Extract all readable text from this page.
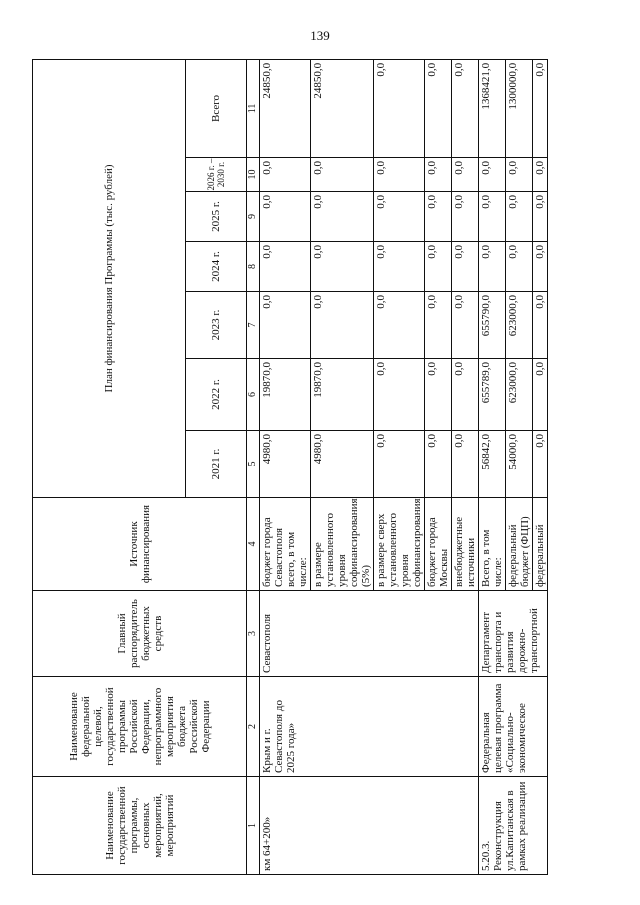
139
Наименование государственной программы, основных мероприятий, мероприятий	Наименование федеральной целевой, государственной программы Российской Федерации, непрограммного мероприятия бюджета Российской Федерации	Главный распорядитель бюджетных средств	Источник финансирования	План финансирования Программы (тыс. рублей)						
				2021 г.	2022 г.	2023 г.	2024 г.	2025 г.	2026 г. – 2030 г.	Всего
1	2	3	4	5	6	7	8	9	10	11
км 64+200»	Крым и г. Севастополя до 2025 года»	Севастополя	бюджет города Севастополя всего, в том числе:	4980,0	19870,0	0,0	0,0	0,0	0,0	24850,0
			в размере установленного уровня софинансирования (5%)	4980,0	19870,0	0,0	0,0	0,0	0,0	24850,0
			в размере сверх установленного уровня софинансирования	0,0	0,0	0,0	0,0	0,0	0,0	0,0
			бюджет города Москвы	0,0	0,0	0,0	0,0	0,0	0,0	0,0
			внебюджетные источники	0,0	0,0	0,0	0,0	0,0	0,0	0,0
5.20.3. Реконструкция ул.Капитанская в рамках реализации	Федеральная целевая программа «Социально-экономическое	Департамент транспорта и развития дорожно-транспортной	Всего, в том числе:	56842,0	655789,0	655790,0	0,0	0,0	0,0	1368421,0
			федеральный бюджет (ФЦП)	54000,0	623000,0	623000,0	0,0	0,0	0,0	1300000,0
			федеральный	0,0	0,0	0,0	0,0	0,0	0,0	0,0
